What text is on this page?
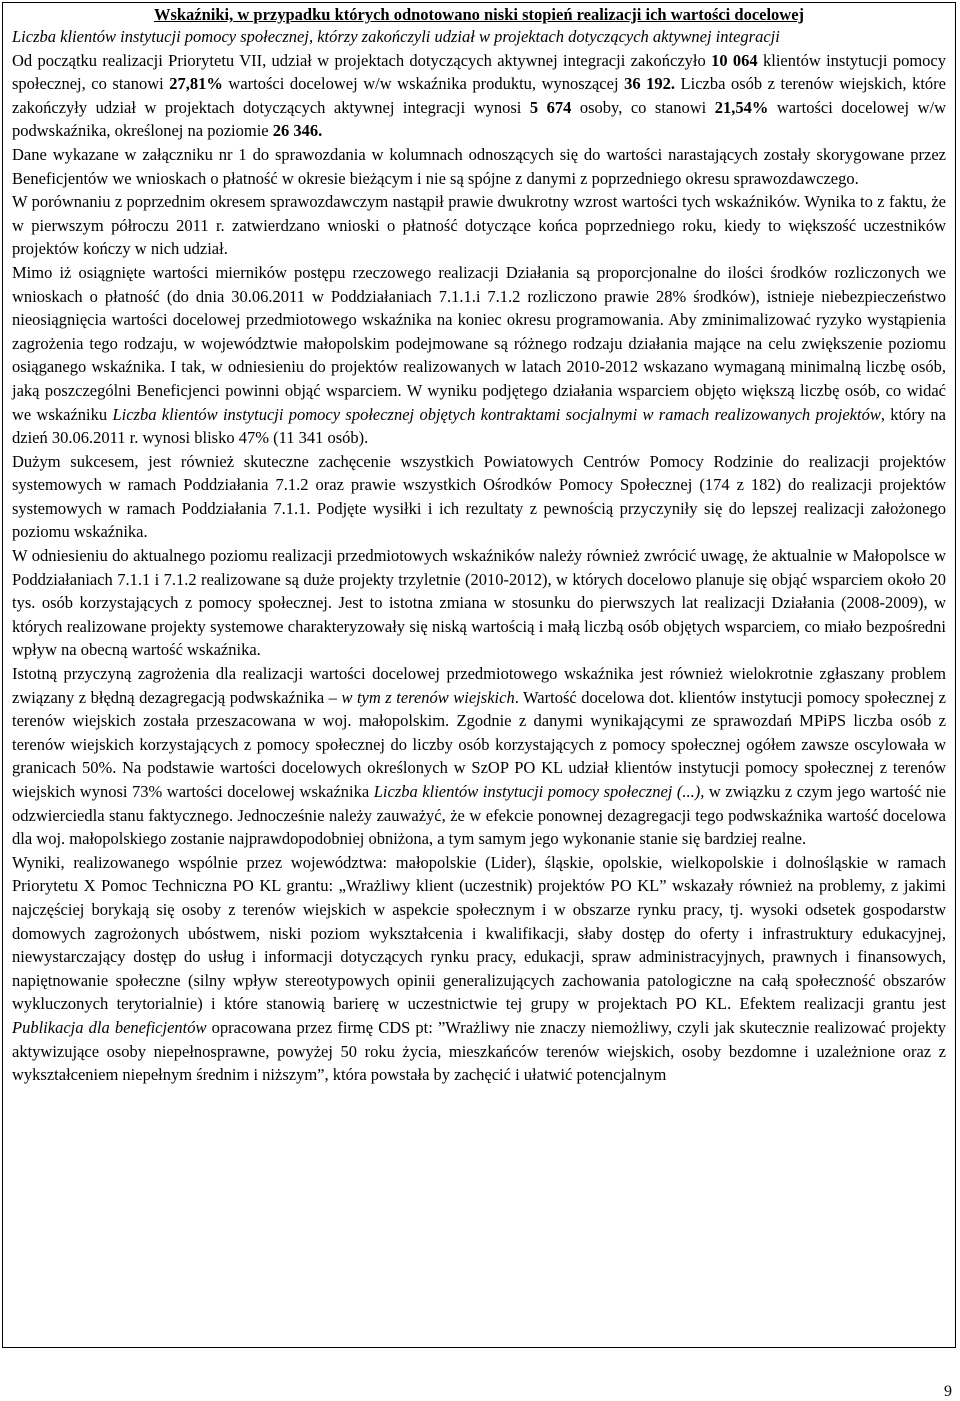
Wskaźniki, w przypadku których odnotowano niski stopień realizacji ich wartości docelowej

Liczba klientów instytucji pomocy społecznej, którzy zakończyli udział w projektach dotyczących aktywnej integracji

Od początku realizacji Priorytetu VII, udział w projektach dotyczących aktywnej integracji zakończyło 10 064 klientów instytucji pomocy społecznej, co stanowi 27,81% wartości docelowej w/w wskaźnika produktu, wynoszącej 36 192. Liczba osób z terenów wiejskich, które zakończyły udział w projektach dotyczących aktywnej integracji wynosi 5 674 osoby, co stanowi 21,54% wartości docelowej w/w podwskaźnika, określonej na poziomie 26 346.

Dane wykazane w załączniku nr 1 do sprawozdania w kolumnach odnoszących się do wartości narastających zostały skorygowane przez Beneficjentów we wnioskach o płatność w okresie bieżącym i nie są spójne z danymi z poprzedniego okresu sprawozdawczego.

W porównaniu z poprzednim okresem sprawozdawczym nastąpił prawie dwukrotny wzrost wartości tych wskaźników. Wynika to z faktu, że w pierwszym półroczu 2011 r. zatwierdzano wnioski o płatność dotyczące końca poprzedniego roku, kiedy to większość uczestników projektów kończy w nich udział.

Mimo iż osiągnięte wartości mierników postępu rzeczowego realizacji Działania są proporcjonalne do ilości środków rozliczonych we wnioskach o płatność (do dnia 30.06.2011 w Poddziałaniach 7.1.1.i 7.1.2 rozliczono prawie 28% środków), istnieje niebezpieczeństwo nieosiągnięcia wartości docelowej przedmiotowego wskaźnika na koniec okresu programowania. Aby zminimalizować ryzyko wystąpienia zagrożenia tego rodzaju, w województwie małopolskim podejmowane są różnego rodzaju działania mające na celu zwiększenie poziomu osiąganego wskaźnika. I tak, w odniesieniu do projektów realizowanych w latach 2010-2012 wskazano wymaganą minimalną liczbę osób, jaką poszczególni Beneficjenci powinni objąć wsparciem. W wyniku podjętego działania wsparciem objęto większą liczbę osób, co widać we wskaźniku Liczba klientów instytucji pomocy społecznej objętych kontraktami socjalnymi w ramach realizowanych projektów, który na dzień 30.06.2011 r. wynosi blisko 47% (11 341 osób).

Dużym sukcesem, jest również skuteczne zachęcenie wszystkich Powiatowych Centrów Pomocy Rodzinie do realizacji projektów systemowych w ramach Poddziałania 7.1.2 oraz prawie wszystkich Ośrodków Pomocy Społecznej (174 z 182) do realizacji projektów systemowych w ramach Poddziałania 7.1.1. Podjęte wysiłki i ich rezultaty z pewnością przyczyniły się do lepszej realizacji założonego poziomu wskaźnika.

W odniesieniu do aktualnego poziomu realizacji przedmiotowych wskaźników należy również zwrócić uwagę, że aktualnie w Małopolsce w Poddziałaniach 7.1.1 i 7.1.2 realizowane są duże projekty trzyletnie (2010-2012), w których docelowo planuje się objąć wsparciem około 20 tys. osób korzystających z pomocy społecznej. Jest to istotna zmiana w stosunku do pierwszych lat realizacji Działania (2008-2009), w których realizowane projekty systemowe charakteryzowały się niską wartością i małą liczbą osób objętych wsparciem, co miało bezpośredni wpływ na obecną wartość wskaźnika.

Istotną przyczyną zagrożenia dla realizacji wartości docelowej przedmiotowego wskaźnika jest również wielokrotnie zgłaszany problem związany z błędną dezagregacją podwskaźnika – w tym z terenów wiejskich. Wartość docelowa dot. klientów instytucji pomocy społecznej z terenów wiejskich została przeszacowana w woj. małopolskim. Zgodnie z danymi wynikającymi ze sprawozdań MPiPS liczba osób z terenów wiejskich korzystających z pomocy społecznej do liczby osób korzystających z pomocy społecznej ogółem zawsze oscylowała w granicach 50%. Na podstawie wartości docelowych określonych w SzOP PO KL udział klientów instytucji pomocy społecznej z terenów wiejskich wynosi 73% wartości docelowej wskaźnika Liczba klientów instytucji pomocy społecznej (...), w związku z czym jego wartość nie odzwierciedla stanu faktycznego. Jednocześnie należy zauważyć, że w efekcie ponownej dezagregacji tego podwskaźnika wartość docelowa dla woj. małopolskiego zostanie najprawdopodobniej obniżona, a tym samym jego wykonanie stanie się bardziej realne.

Wyniki, realizowanego wspólnie przez województwa: małopolskie (Lider), śląskie, opolskie, wielkopolskie i dolnośląskie w ramach Priorytetu X Pomoc Techniczna PO KL grantu: „Wrażliwy klient (uczestnik) projektów PO KL” wskazały również na problemy, z jakimi najczęściej borykają się osoby z terenów wiejskich w aspekcie społecznym i w obszarze rynku pracy, tj. wysoki odsetek gospodarstw domowych zagrożonych ubóstwem, niski poziom wykształcenia i kwalifikacji, słaby dostęp do oferty i infrastruktury edukacyjnej, niewystarczający dostęp do usług i informacji dotyczących rynku pracy, edukacji, spraw administracyjnych, prawnych i finansowych, napiętnowanie społeczne (silny wpływ stereotypowych opinii generalizujących zachowania patologiczne na całą społeczność obszarów wykluczonych terytorialnie) i które stanowią barierę w uczestnictwie tej grupy w projektach PO KL. Efektem realizacji grantu jest Publikacja dla beneficjentów opracowana przez firmę CDS pt: ”Wrażliwy nie znaczy niemożliwy, czyli jak skutecznie realizować projekty aktywizujące osoby niepełnosprawne, powyżej 50 roku życia, mieszkańców terenów wiejskich, osoby bezdomne i uzależnione oraz z wykształceniem niepełnym średnim i niższym”, która powstała by zachęcić i ułatwić potencjalnym

9
